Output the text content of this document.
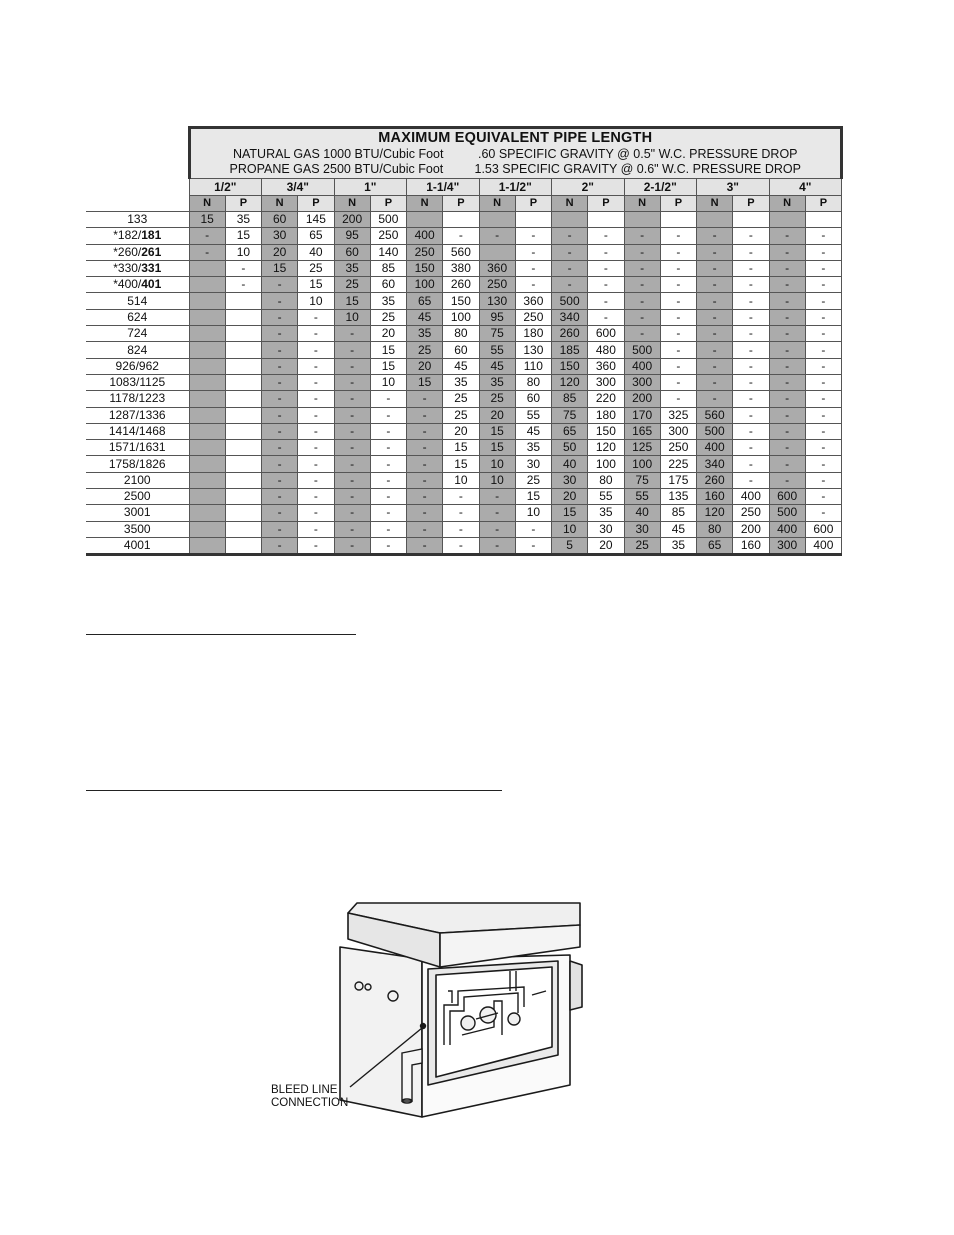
	MAXIMUM EQUIVALENT PIPE LENGTH
NATURAL GAS 1000 BTU/Cubic Foot .60 SPECIFIC GRAVITY @ 0.5" W.C. PRESSURE DROP
PROPANE GAS 2500 BTU/Cubic Foot 1.53 SPECIFIC GRAVITY @ 0.6" W.C. PRESSURE DROP																	

	1/2"		3/4"		1"		1-1/4"		1-1/2"		2"		2-1/2"		3"		4"	
	N	P	N	P	N	P	N	P	N	P	N	P	N	P	N	P	N	P
133	15	35	60	145	200	500												
*182/181	-	15	30	65	95	250	400	-	-	-	-	-	-	-	-	-	-	-
*260/261	-	10	20	40	60	140	250	560		-	-	-	-	-	-	-	-	-
*330/331		-	15	25	35	85	150	380	360	-	-	-	-	-	-	-	-	-
*400/401		-	-	15	25	60	100	260	250	-	-	-	-	-	-	-	-	-
514			-	10	15	35	65	150	130	360	500	-	-	-	-	-	-	-
624			-	-	10	25	45	100	95	250	340	-	-	-	-	-	-	-
724			-	-	-	20	35	80	75	180	260	600	-	-	-	-	-	-
824			-	-	-	15	25	60	55	130	185	480	500	-	-	-	-	-
926/962			-	-	-	15	20	45	45	110	150	360	400	-	-	-	-	-
1083/1125			-	-	-	10	15	35	35	80	120	300	300	-	-	-	-	-
1178/1223			-	-	-	-	-	25	25	60	85	220	200	-	-	-	-	-
1287/1336			-	-	-	-	-	25	20	55	75	180	170	325	560	-	-	-
1414/1468			-	-	-	-	-	20	15	45	65	150	165	300	500	-	-	-
1571/1631			-	-	-	-	-	15	15	35	50	120	125	250	400	-	-	-
1758/1826			-	-	-	-	-	15	10	30	40	100	100	225	340	-	-	-
2100			-	-	-	-	-	10	10	25	30	80	75	175	260	-	-	-
2500			-	-	-	-	-	-	-	15	20	55	55	135	160	400	600	-
3001			-	-	-	-	-	-	-	10	15	35	40	85	120	250	500	-
3500			-	-	-	-	-	-	-	-	10	30	30	45	80	200	400	600
4001			-	-	-	-	-	-	-	-	5	20	25	35	65	160	300	400
BLEED LINE
CONNECTION
